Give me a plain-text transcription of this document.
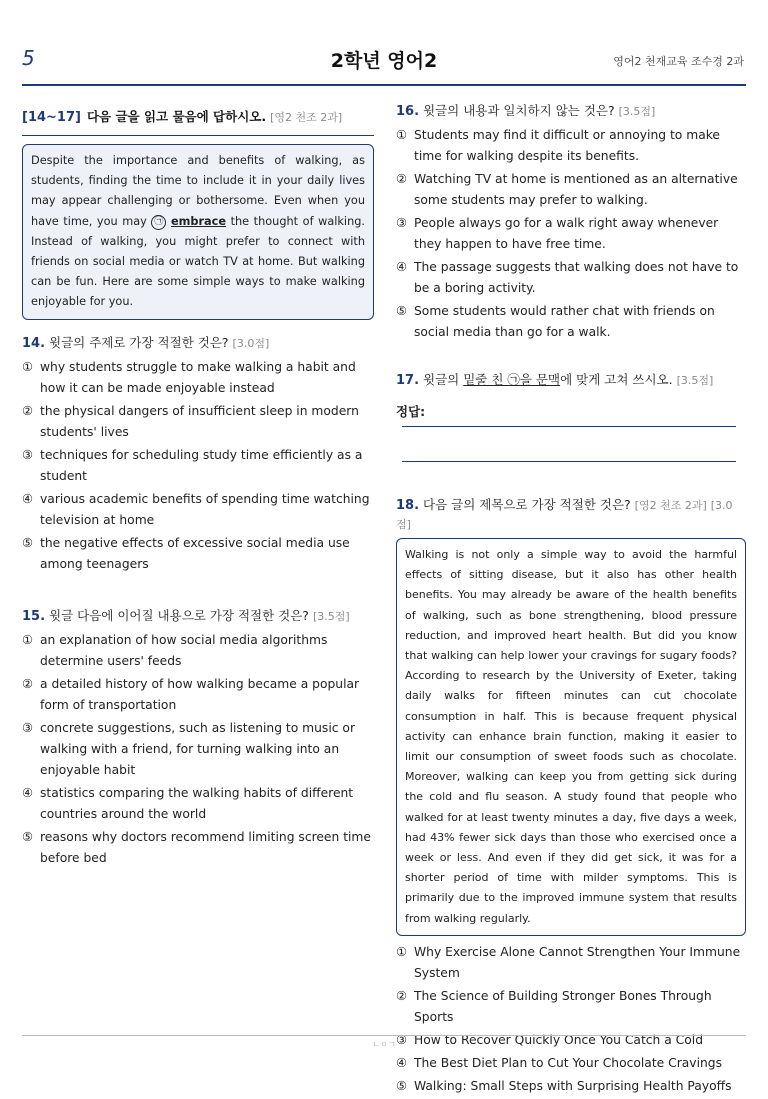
5	2학년 영어2	영어2 천재교육 조수경 2과
[14~17] 다음 글을 읽고 물음에 답하시오. [영2 천조 2과]
Despite the importance and benefits of walking, as students, finding the time to include it in your daily lives may appear challenging or bothersome. Even when you have time, you may ㉠ embrace the thought of walking. Instead of walking, you might prefer to connect with friends on social media or watch TV at home. But walking can be fun. Here are some simple ways to make walking enjoyable for you.
14. 윗글의 주제로 가장 적절한 것은? [3.0점]
① why students struggle to make walking a habit and how it can be made enjoyable instead
② the physical dangers of insufficient sleep in modern students' lives
③ techniques for scheduling study time efficiently as a student
④ various academic benefits of spending time watching television at home
⑤ the negative effects of excessive social media use among teenagers
15. 윗글 다음에 이어질 내용으로 가장 적절한 것은? [3.5점]
① an explanation of how social media algorithms determine users' feeds
② a detailed history of how walking became a popular form of transportation
③ concrete suggestions, such as listening to music or walking with a friend, for turning walking into an enjoyable habit
④ statistics comparing the walking habits of different countries around the world
⑤ reasons why doctors recommend limiting screen time before bed
16. 윗글의 내용과 일치하지 않는 것은? [3.5점]
① Students may find it difficult or annoying to make time for walking despite its benefits.
② Watching TV at home is mentioned as an alternative some students may prefer to walking.
③ People always go for a walk right away whenever they happen to have free time.
④ The passage suggests that walking does not have to be a boring activity.
⑤ Some students would rather chat with friends on social media than go for a walk.
17. 윗글의 밑줄 친 ㉠을 문맥에 맞게 고쳐 쓰시오. [3.5점]
정답:
18. 다음 글의 제목으로 가장 적절한 것은? [영2 천조 2과] [3.0점]
Walking is not only a simple way to avoid the harmful effects of sitting disease, but it also has other health benefits. You may already be aware of the health benefits of walking, such as bone strengthening, blood pressure reduction, and improved heart health. But did you know that walking can help lower your cravings for sugary foods? According to research by the University of Exeter, taking daily walks for fifteen minutes can cut chocolate consumption in half. This is because frequent physical activity can enhance brain function, making it easier to limit our consumption of sweet foods such as chocolate. Moreover, walking can keep you from getting sick during the cold and flu season. A study found that people who walked for at least twenty minutes a day, five days a week, had 43% fewer sick days than those who exercised once a week or less. And even if they did get sick, it was for a shorter period of time with milder symptoms. This is primarily due to the improved immune system that results from walking regularly.
① Why Exercise Alone Cannot Strengthen Your Immune System
② The Science of Building Stronger Bones Through Sports
③ How to Recover Quickly Once You Catch a Cold
④ The Best Diet Plan to Cut Your Chocolate Cravings
⑤ Walking: Small Steps with Surprising Health Payoffs
ㄴㅇㄱ
